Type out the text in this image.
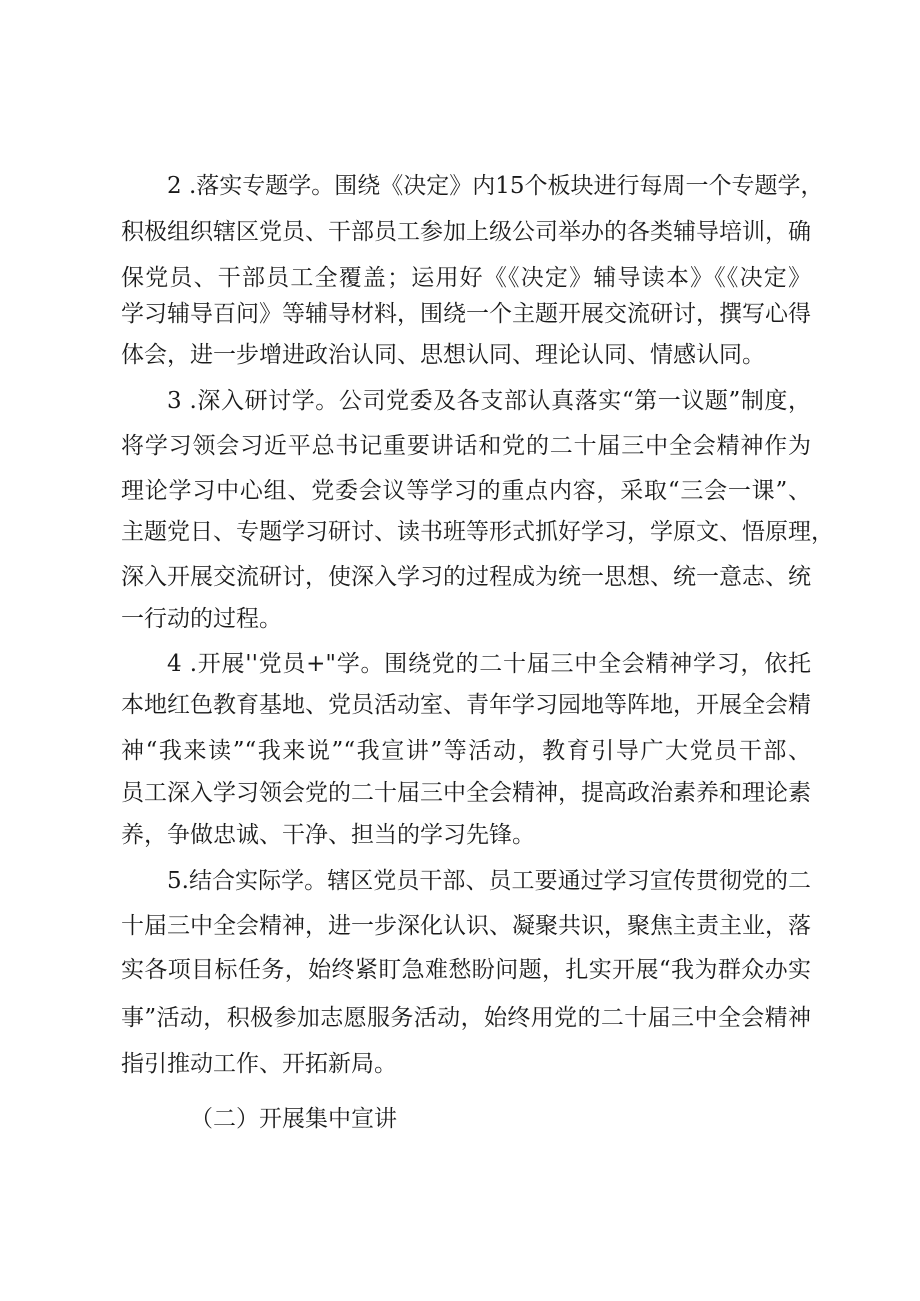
2 .落实专题学。围绕《决定》内15个板块进行每周一个专题学，
积极组织辖区党员、干部员工参加上级公司举办的各类辅导培训，确
保党员、干部员工全覆盖；运用好《《决定》辅导读本》《《决定》
学习辅导百问》等辅导材料，围绕一个主题开展交流研讨，撰写心得
体会，进一步增进政治认同、思想认同、理论认同、情感认同。
3 .深入研讨学。公司党委及各支部认真落实“第一议题”制度，
将学习领会习近平总书记重要讲话和党的二十届三中全会精神作为
理论学习中心组、党委会议等学习的重点内容，采取“三会一课”、
主题党日、专题学习研讨、读书班等形式抓好学习，学原文、悟原理，
深入开展交流研讨，使深入学习的过程成为统一思想、统一意志、统
一行动的过程。
4 .开展''党员+"学。围绕党的二十届三中全会精神学习，依托
本地红色教育基地、党员活动室、青年学习园地等阵地，开展全会精
神“我来读”“我来说”“我宣讲”等活动，教育引导广大党员干部、
员工深入学习领会党的二十届三中全会精神，提高政治素养和理论素
养，争做忠诚、干净、担当的学习先锋。
5.结合实际学。辖区党员干部、员工要通过学习宣传贯彻党的二
十届三中全会精神，进一步深化认识、凝聚共识，聚焦主责主业，落
实各项目标任务，始终紧盯急难愁盼问题，扎实开展“我为群众办实
事”活动，积极参加志愿服务活动，始终用党的二十届三中全会精神
指引推动工作、开拓新局。
（二）开展集中宣讲
